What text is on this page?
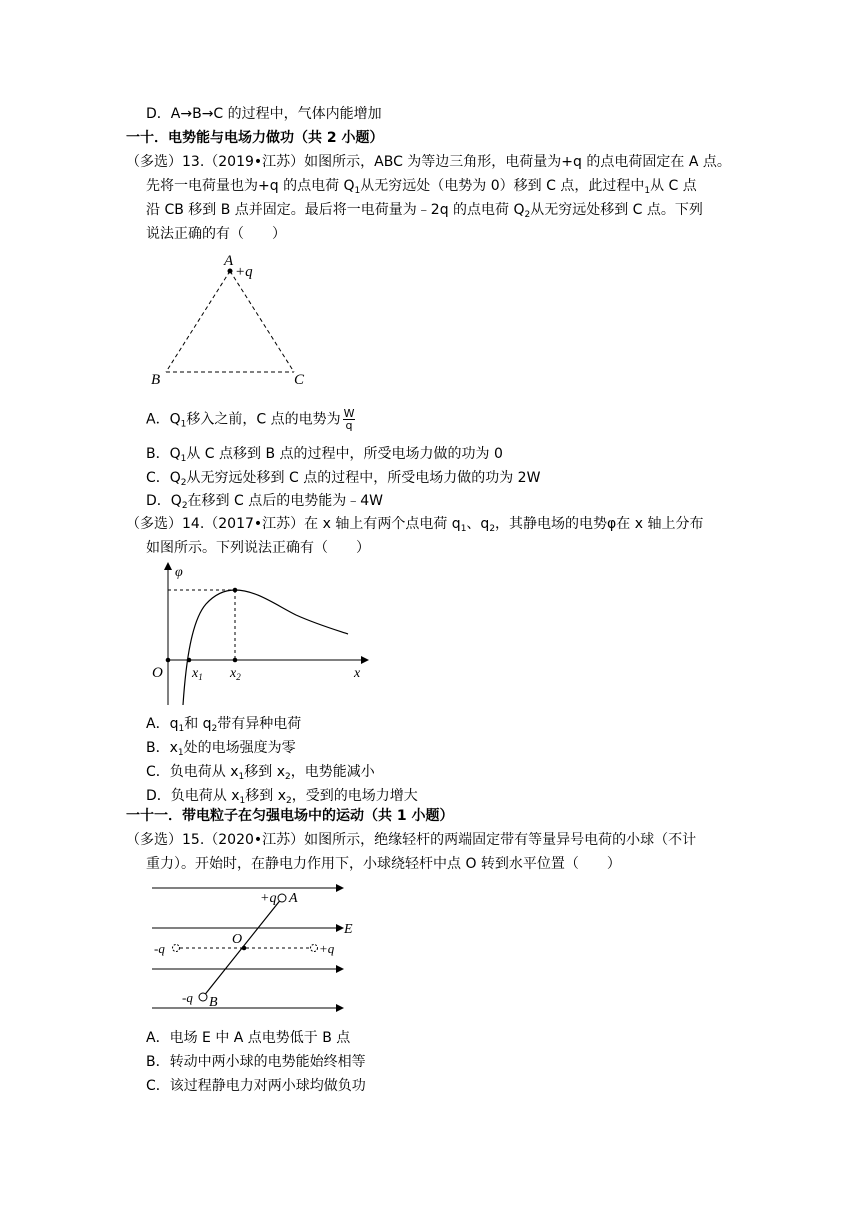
D．A→B→C 的过程中，气体内能增加
一十．电势能与电场力做功（共 2 小题）
（多选）13.（2019•江苏）如图所示，ABC 为等边三角形，电荷量为+q 的点电荷固定在 A 点。
先将一电荷量也为+q 的点电荷 $Q_1$从无穷远处（电势为 0）移到 C 点，此过程中$_1$从 C 点
沿 CB 移到 B 点并固定。最后将一电荷量为﹣2q 的点电荷 $Q_2$从无穷远处移到 C 点。下列
说法正确的有（　　）
A
+q
B	C
A．$Q_1$移入之前，C 点的电势为 $\frac{W}{q}$
B．$Q_1$从 C 点移到 B 点的过程中，所受电场力做的功为 0
C．$Q_2$从无穷远处移到 C 点的过程中，所受电场力做的功为 2W
D．$Q_2$在移到 C 点后的电势能为﹣4W
（多选）14.（2017•江苏）在 x 轴上有两个点电荷 $q_1$、$q_2$，其静电场的电势φ在 x 轴上分布
如图所示。下列说法正确有（　　）
φ
O $x_1$ $x_2$	x
A．$q_1$和 $q_2$带有异种电荷
B．$x_1$处的电场强度为零
C．负电荷从 $x_1$移到 $x_2$，电势能减小
D．负电荷从 $x_1$移到 $x_2$，受到的电场力增大
一十一．带电粒子在匀强电场中的运动（共 1 小题）
（多选）15.（2020•江苏）如图所示，绝缘轻杆的两端固定带有等量异号电荷的小球（不计
重力）。开始时，在静电力作用下，小球绕轻杆中点 O 转到水平位置（　　）
+q A
E
O
-q	+q
-q B
A．电场 E 中 A 点电势低于 B 点
B．转动中两小球的电势能始终相等
C．该过程静电力对两小球均做负功
